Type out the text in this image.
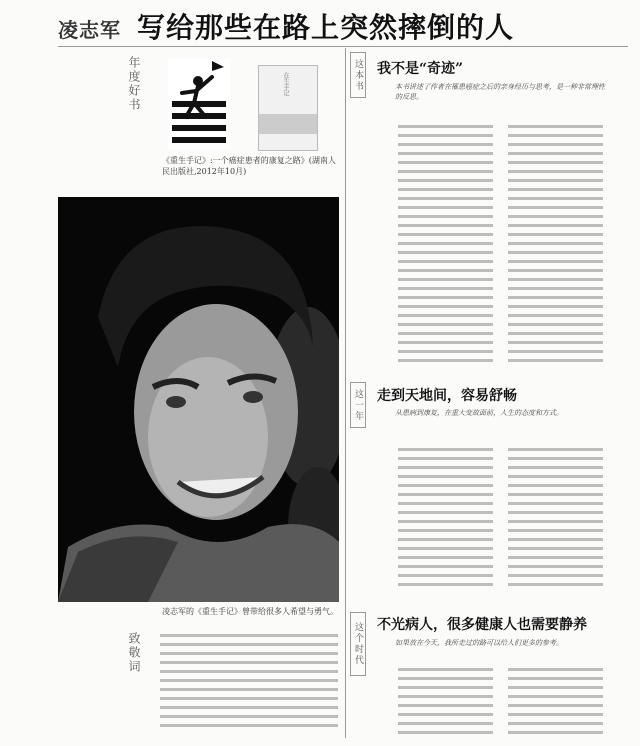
凌志军 写给那些在路上突然摔倒的人
年度好书
致敬词
在生手记
《重生手记》:一个癌症患者的康复之路》(湖南人民出版社,2012年10月)
凌志军的《重生手记》曾带给很多人希望与勇气。
这本书 我不是“奇迹”
本书讲述了作者在罹患癌症之后的亲身经历与思考，是一种非常理性的反思。
这一年 走到天地间，容易舒畅
从患病到康复，在重大变故面前，人生的态度和方式。
这个时代 不光病人，很多健康人也需要静养
如果放在今天，我所走过的路可以给人们更多的参考。
